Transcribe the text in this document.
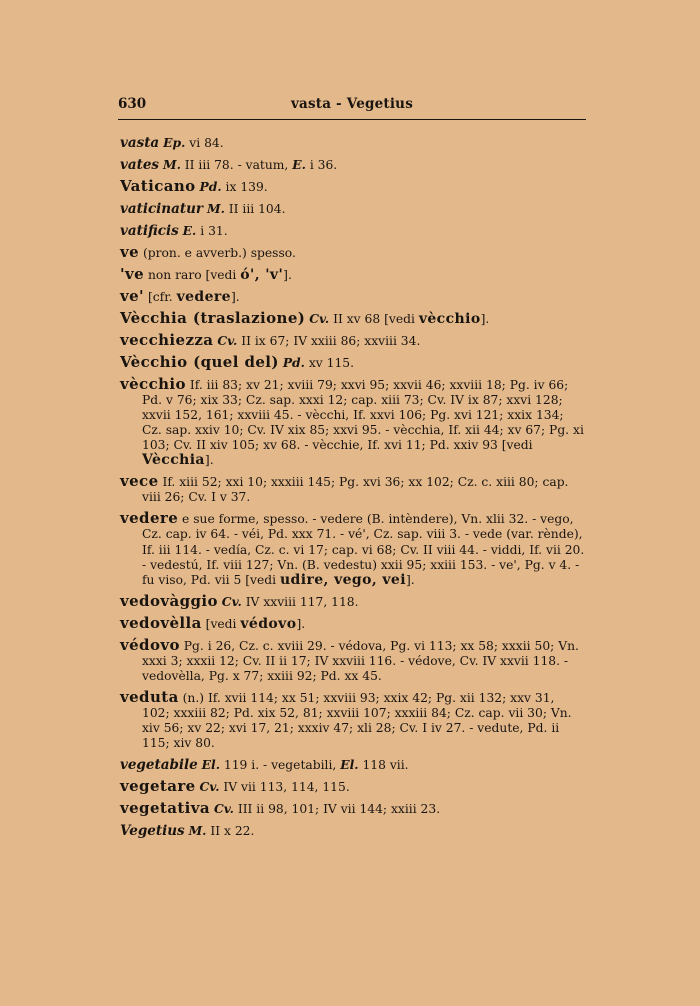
630	vasta - Vegetius
vasta Ep. vi 84.
vates M. II iii 78. - vatum, E. i 36.
Vaticano Pd. ix 139.
vaticinatur M. II iii 104.
vatificis E. i 31.
ve (pron. e avverb.) spesso.
've non raro [vedi ó', 'v'].
ve' [cfr. vedere].
Vècchia (traslazione) Cv. II xv 68 [vedi vècchio].
vecchiezza Cv. II ix 67; IV xxiii 86; xxviii 34.
Vècchio (quel del) Pd. xv 115.
vècchio If. iii 83; xv 21; xviii 79; xxvi 95; xxvii 46; xxviii 18; Pg. iv 66; Pd. v 76; xix 33; Cz. sap. xxxi 12; cap. xiii 73; Cv. IV ix 87; xxvi 128; xxvii 152, 161; xxviii 45. - vècchi, If. xxvi 106; Pg. xvi 121; xxix 134; Cz. sap. xxiv 10; Cv. IV xix 85; xxvi 95. - vècchia, If. xii 44; xv 67; Pg. xi 103; Cv. II xiv 105; xv 68. - vècchie, If. xvi 11; Pd. xxiv 93 [vedi Vècchia].
vece If. xiii 52; xxi 10; xxxiii 145; Pg. xvi 36; xx 102; Cz. c. xiii 80; cap. viii 26; Cv. I v 37.
vedere e sue forme, spesso. - vedere (B. intèndere), Vn. xlii 32. - vego, Cz. cap. iv 64. - véi, Pd. xxx 71. - vé', Cz. sap. viii 3. - vede (var. rènde), If. iii 114. - vedía, Cz. c. vi 17; cap. vi 68; Cv. II viii 44. - viddi, If. vii 20. - vedestú, If. viii 127; Vn. (B. vedestu) xxii 95; xxiii 153. - ve', Pg. v 4. - fu viso, Pd. vii 5 [vedi udire, vego, vei].
vedovàggio Cv. IV xxviii 117, 118.
vedovèlla [vedi védovo].
védovo Pg. i 26, Cz. c. xviii 29. - védova, Pg. vi 113; xx 58; xxxii 50; Vn. xxxi 3; xxxii 12; Cv. II ii 17; IV xxviii 116. - védove, Cv. IV xxvii 118. - vedovèlla, Pg. x 77; xxiii 92; Pd. xx 45.
veduta (n.) If. xvii 114; xx 51; xxviii 93; xxix 42; Pg. xii 132; xxv 31, 102; xxxiii 82; Pd. xix 52, 81; xxviii 107; xxxiii 84; Cz. cap. vii 30; Vn. xiv 56; xv 22; xvi 17, 21; xxxiv 47; xli 28; Cv. I iv 27. - vedute, Pd. ii 115; xiv 80.
vegetabile El. 119 i. - vegetabili, El. 118 vii.
vegetare Cv. IV vii 113, 114, 115.
vegetativa Cv. III ii 98, 101; IV vii 144; xxiii 23.
Vegetius M. II x 22.
